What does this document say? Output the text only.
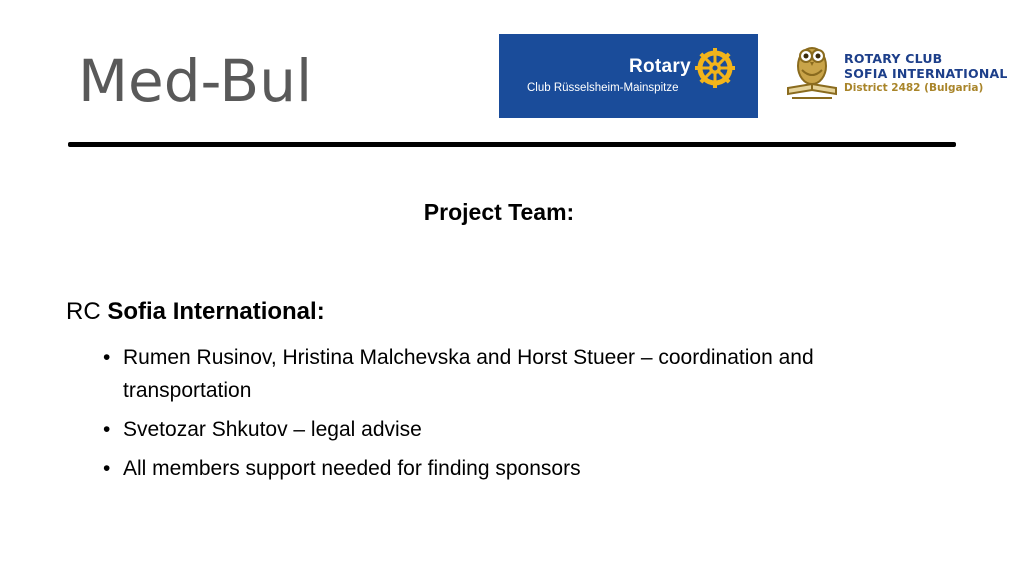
Med-Bul	Rotary
Club Rüsselsheim-Mainspitze
ROTARY CLUB
SOFIA INTERNATIONAL
District 2482 (Bulgaria)
Project Team:
RC Sofia International:
• Rumen Rusinov, Hristina Malchevska and Horst Stueer – coordination and transportation
• Svetozar Shkutov – legal advise
• All members support needed for finding sponsors
